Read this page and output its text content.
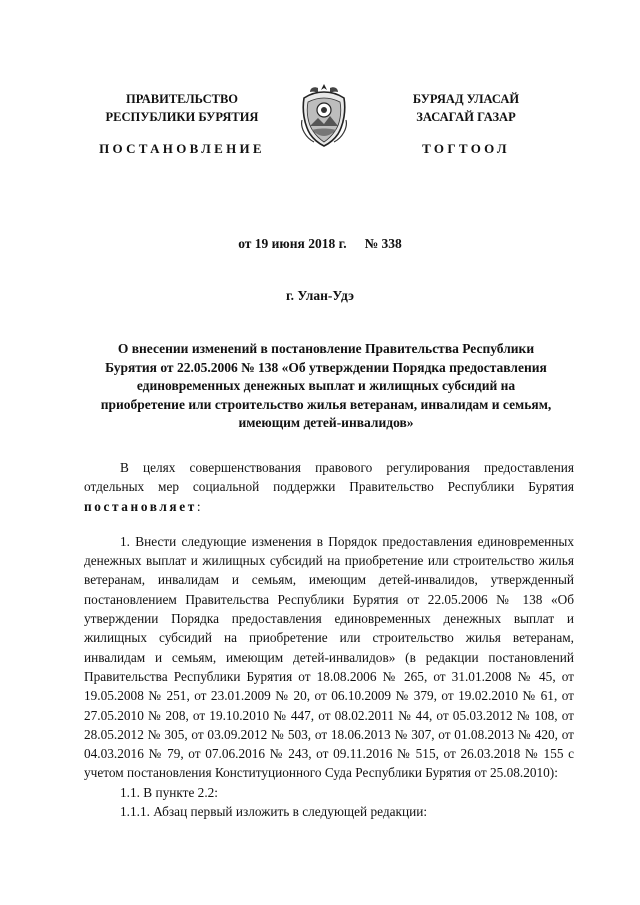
ПРАВИТЕЛЬСТВО
РЕСПУБЛИКИ БУРЯТИЯ
БУРЯАД УЛАСАЙ
ЗАСАГАЙ ГАЗАР
ПОСТАНОВЛЕНИЕ	ТОГТООЛ
от 19 июня 2018 г. № 338
г. Улан-Удэ
О внесении изменений в постановление Правительства Республики Бурятия от 22.05.2006 № 138 «Об утверждении Порядка предоставления единовременных денежных выплат и жилищных субсидий на приобретение или строительство жилья ветеранам, инвалидам и семьям, имеющим детей-инвалидов»

В целях совершенствования правового регулирования предоставления отдельных мер социальной поддержки Правительство Республики Бурятия постановляет:

1. Внести следующие изменения в Порядок предоставления единовременных денежных выплат и жилищных субсидий на приобретение или строительство жилья ветеранам, инвалидам и семьям, имеющим детей-инвалидов, утвержденный постановлением Правительства Республики Бурятия от 22.05.2006 № 138 «Об утверждении Порядка предоставления единовременных денежных выплат и жилищных субсидий на приобретение или строительство жилья ветеранам, инвалидам и семьям, имеющим детей-инвалидов» (в редакции постановлений Правительства Республики Бурятия от 18.08.2006 № 265, от 31.01.2008 № 45, от 19.05.2008 № 251, от 23.01.2009 № 20, от 06.10.2009 № 379, от 19.02.2010 № 61, от 27.05.2010 № 208, от 19.10.2010 № 447, от 08.02.2011 № 44, от 05.03.2012 № 108, от 28.05.2012 № 305, от 03.09.2012 № 503, от 18.06.2013 № 307, от 01.08.2013 № 420, от 04.03.2016 № 79, от 07.06.2016 № 243, от 09.11.2016 № 515, от 26.03.2018 № 155 с учетом постановления Конституционного Суда Республики Бурятия от 25.08.2010):

1.1. В пункте 2.2:

1.1.1. Абзац первый изложить в следующей редакции:
